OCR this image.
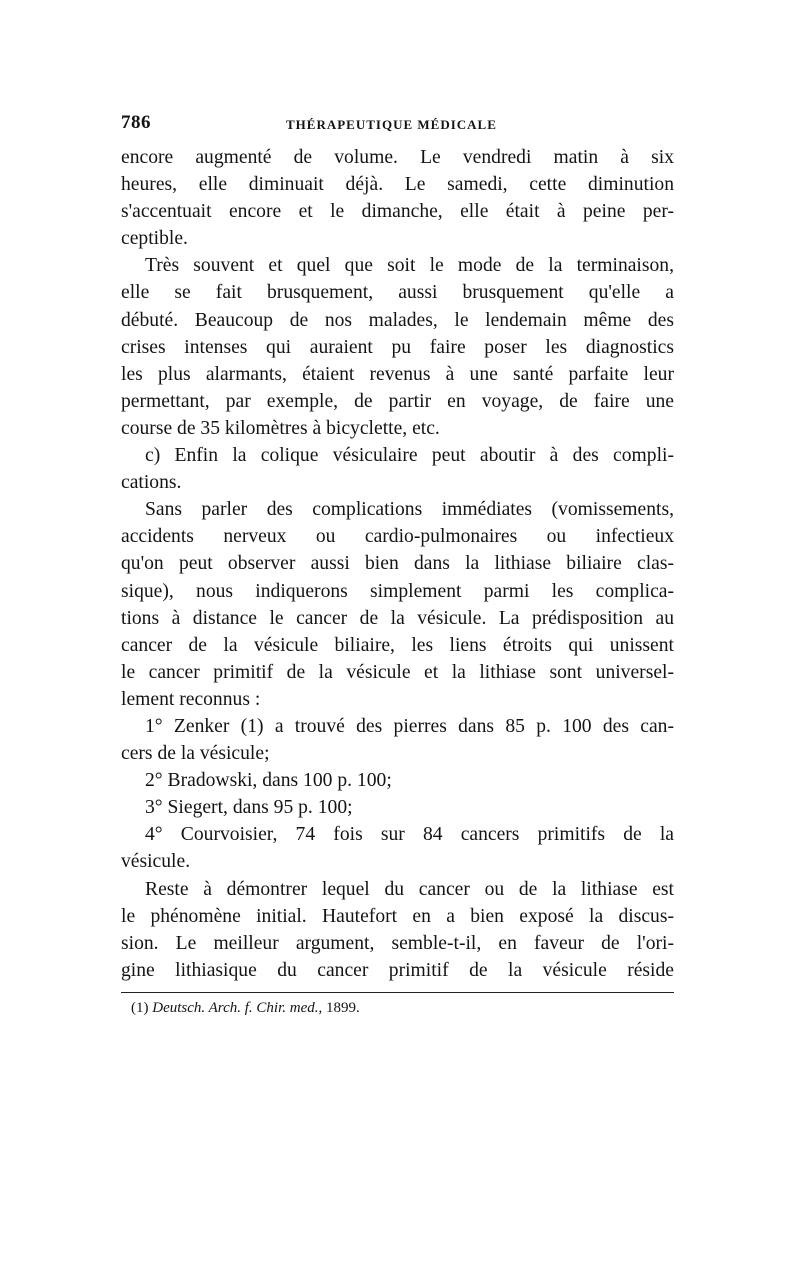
786	THÉRAPEUTIQUE MÉDICALE
encore augmenté de volume. Le vendredi matin à six
heures, elle diminuait déjà. Le samedi, cette diminution
s'accentuait encore et le dimanche, elle était à peine per-
ceptible.
Très souvent et quel que soit le mode de la terminaison,
elle se fait brusquement, aussi brusquement qu'elle a
débuté. Beaucoup de nos malades, le lendemain même des
crises intenses qui auraient pu faire poser les diagnostics
les plus alarmants, étaient revenus à une santé parfaite leur
permettant, par exemple, de partir en voyage, de faire une
course de 35 kilomètres à bicyclette, etc.
c) Enfin la colique vésiculaire peut aboutir à des compli-
cations.
Sans parler des complications immédiates (vomissements,
accidents nerveux ou cardio-pulmonaires ou infectieux
qu'on peut observer aussi bien dans la lithiase biliaire clas-
sique), nous indiquerons simplement parmi les complica-
tions à distance le cancer de la vésicule. La prédisposition au
cancer de la vésicule biliaire, les liens étroits qui unissent
le cancer primitif de la vésicule et la lithiase sont universel-
lement reconnus :
1° Zenker (1) a trouvé des pierres dans 85 p. 100 des can-
cers de la vésicule;
2° Bradowski, dans 100 p. 100;
3° Siegert, dans 95 p. 100;
4° Courvoisier, 74 fois sur 84 cancers primitifs de la
vésicule.
Reste à démontrer lequel du cancer ou de la lithiase est
le phénomène initial. Hautefort en a bien exposé la discus-
sion. Le meilleur argument, semble-t-il, en faveur de l'ori-
gine lithiasique du cancer primitif de la vésicule réside
(1) Deutsch. Arch. f. Chir. med., 1899.
